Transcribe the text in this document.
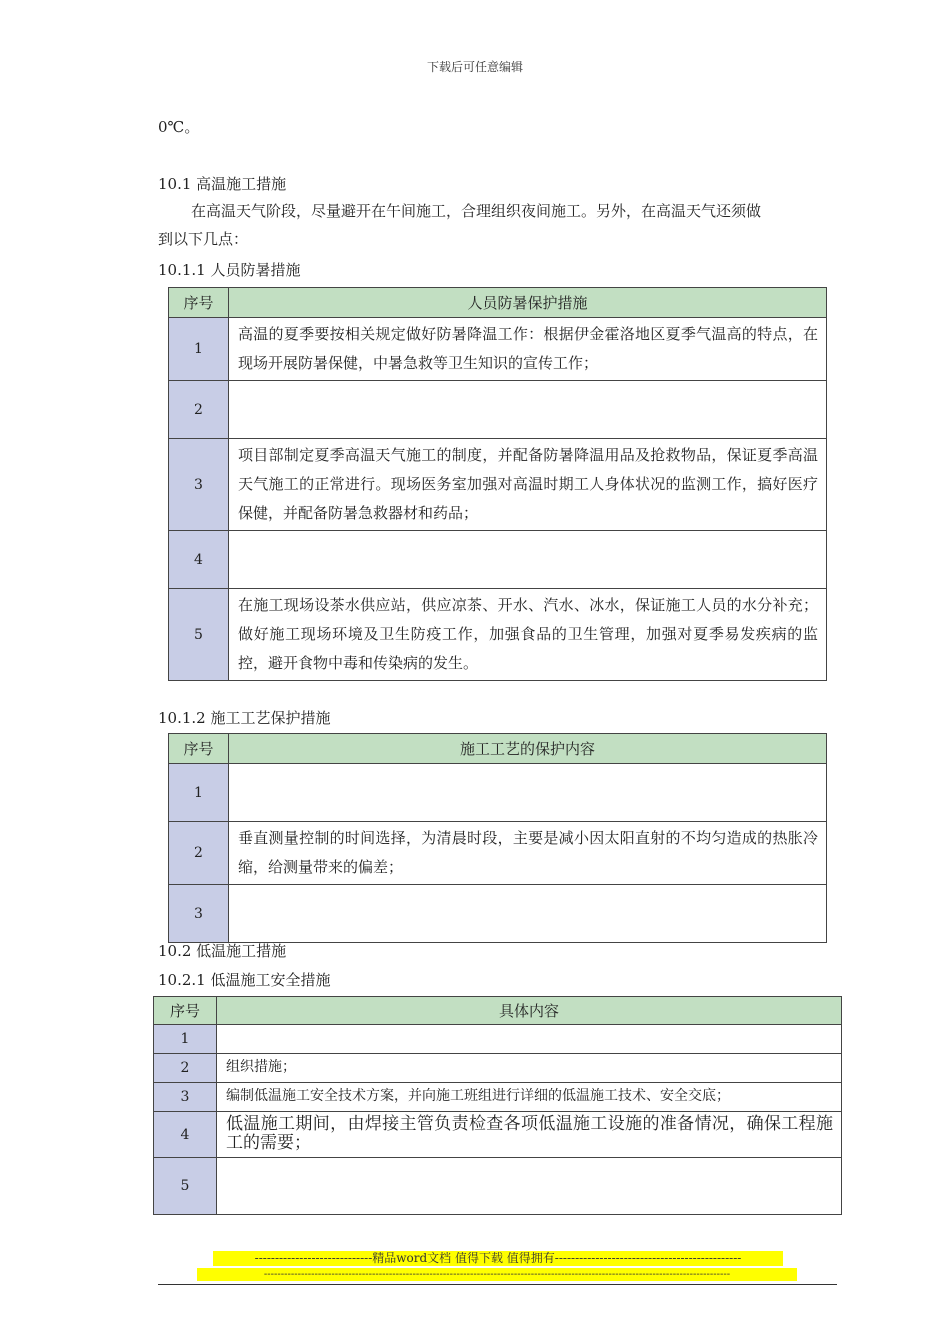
下载后可任意编辑
0℃。
10.1 高温施工措施
在高温天气阶段，尽量避开在午间施工，合理组织夜间施工。另外，在高温天气还须做
到以下几点：
10.1.1 人员防暑措施
序号	人员防暑保护措施
1	高温的夏季要按相关规定做好防暑降温工作：根据伊金霍洛地区夏季气温高的特点，在现场开展防暑保健，中暑急救等卫生知识的宣传工作；
2	
3	项目部制定夏季高温天气施工的制度，并配备防暑降温用品及抢救物品，保证夏季高温天气施工的正常进行。现场医务室加强对高温时期工人身体状况的监测工作，搞好医疗保健，并配备防暑急救器材和药品；
4	
5	在施工现场设茶水供应站，供应凉茶、开水、汽水、冰水，保证施工人员的水分补充；做好施工现场环境及卫生防疫工作，加强食品的卫生管理，加强对夏季易发疾病的监控，避开食物中毒和传染病的发生。
10.1.2 施工工艺保护措施
序号	施工工艺的保护内容
1	
2	垂直测量控制的时间选择，为清晨时段，主要是减小因太阳直射的不均匀造成的热胀冷缩，给测量带来的偏差；
3	
10.2 低温施工措施
10.2.1 低温施工安全措施
序号	具体内容
1	
2	组织措施；
3	编制低温施工安全技术方案，并向施工班组进行详细的低温施工技术、安全交底；
4	低温施工期间，由焊接主管负责检查各项低温施工设施的准备情况，确保工程施工的需要；
5	
-----------------------------精品word文档 值得下载 值得拥有----------------------------------------------
------------------------------------------------------------------------------------------------------------------------------------------
